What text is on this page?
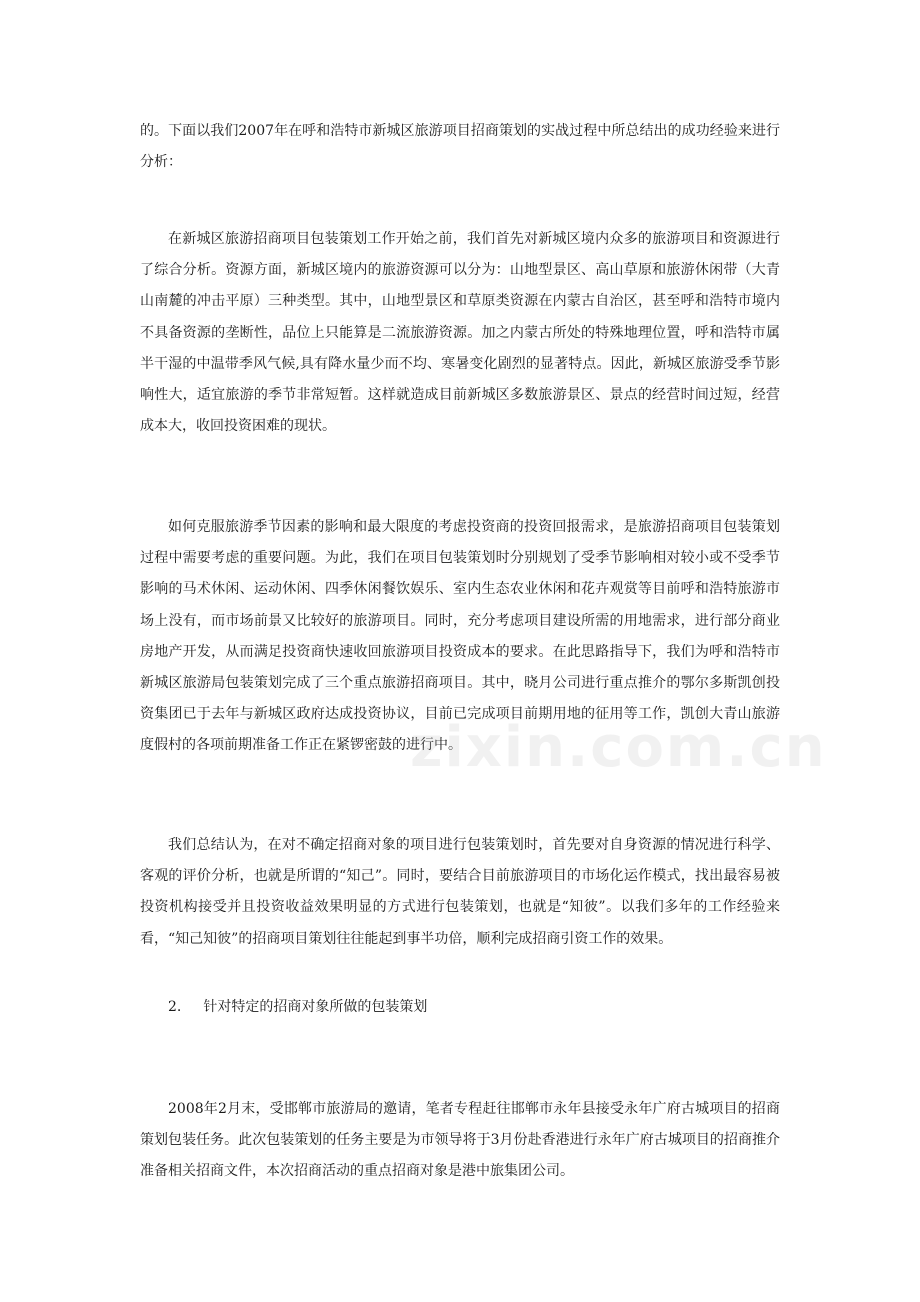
的。下面以我们2007年在呼和浩特市新城区旅游项目招商策划的实战过程中所总结出的成功经验来进行分析：

在新城区旅游招商项目包装策划工作开始之前，我们首先对新城区境内众多的旅游项目和资源进行了综合分析。资源方面，新城区境内的旅游资源可以分为：山地型景区、高山草原和旅游休闲带（大青山南麓的冲击平原）三种类型。其中，山地型景区和草原类资源在内蒙古自治区，甚至呼和浩特市境内不具备资源的垄断性，品位上只能算是二流旅游资源。加之内蒙古所处的特殊地理位置，呼和浩特市属半干湿的中温带季风气候,具有降水量少而不均、寒暑变化剧烈的显著特点。因此，新城区旅游受季节影响性大，适宜旅游的季节非常短暂。这样就造成目前新城区多数旅游景区、景点的经营时间过短，经营成本大，收回投资困难的现状。

如何克服旅游季节因素的影响和最大限度的考虑投资商的投资回报需求，是旅游招商项目包装策划过程中需要考虑的重要问题。为此，我们在项目包装策划时分别规划了受季节影响相对较小或不受季节影响的马术休闲、运动休闲、四季休闲餐饮娱乐、室内生态农业休闲和花卉观赏等目前呼和浩特旅游市场上没有，而市场前景又比较好的旅游项目。同时，充分考虑项目建设所需的用地需求，进行部分商业房地产开发，从而满足投资商快速收回旅游项目投资成本的要求。在此思路指导下，我们为呼和浩特市新城区旅游局包装策划完成了三个重点旅游招商项目。其中，晓月公司进行重点推介的鄂尔多斯凯创投资集团已于去年与新城区政府达成投资协议，目前已完成项目前期用地的征用等工作，凯创大青山旅游度假村的各项前期准备工作正在紧锣密鼓的进行中。

zixin.com.cn

我们总结认为，在对不确定招商对象的项目进行包装策划时，首先要对自身资源的情况进行科学、客观的评价分析，也就是所谓的“知己”。同时，要结合目前旅游项目的市场化运作模式，找出最容易被投资机构接受并且投资收益效果明显的方式进行包装策划，也就是“知彼”。以我们多年的工作经验来看，“知己知彼”的招商项目策划往往能起到事半功倍，顺利完成招商引资工作的效果。

2. 针对特定的招商对象所做的包装策划

2008年2月末，受邯郸市旅游局的邀请，笔者专程赶往邯郸市永年县接受永年广府古城项目的招商策划包装任务。此次包装策划的任务主要是为市领导将于3月份赴香港进行永年广府古城项目的招商推介准备相关招商文件，本次招商活动的重点招商对象是港中旅集团公司。
